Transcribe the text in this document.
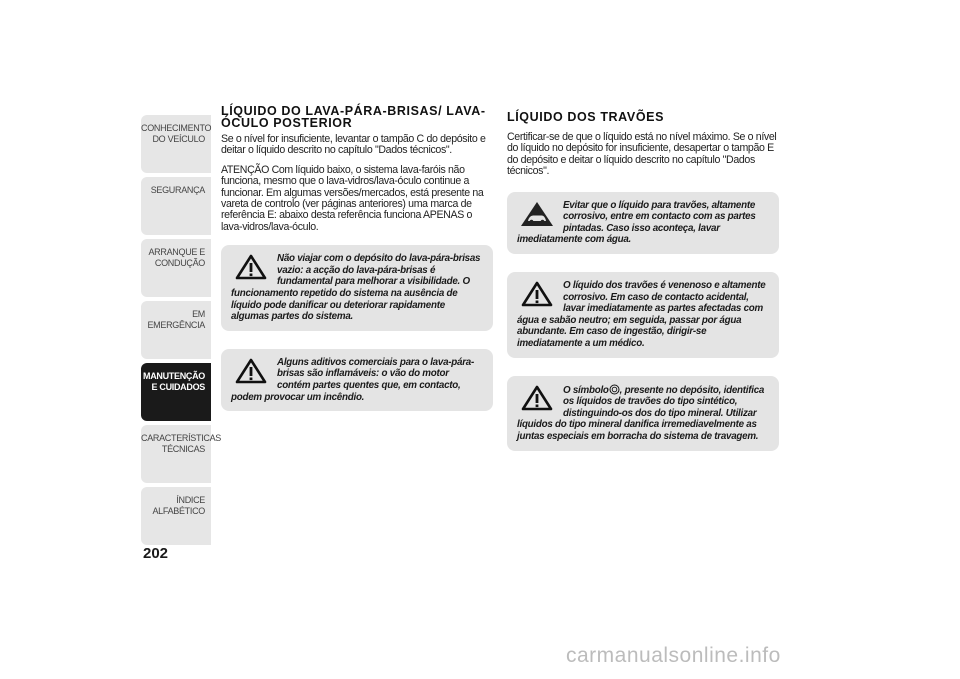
CONHECIMENTO DO VEÍCULO
SEGURANÇA
ARRANQUE E CONDUÇÃO
EM EMERGÊNCIA
MANUTENÇÃO E CUIDADOS
CARACTERÍSTICAS TÉCNICAS
ÍNDICE ALFABÉTICO
202
LÍQUIDO DO LAVA-PÁRA-BRISAS/ LAVA-ÓCULO POSTERIOR

Se o nível for insuficiente, levantar o tampão C do depósito e deitar o líquido descrito no capítulo "Dados técnicos".

ATENÇÃO Com líquido baixo, o sistema lava-faróis não funciona, mesmo que o lava-vidros/lava-óculo continue a funcionar. Em algumas versões/mercados, está presente na vareta de controlo (ver páginas anteriores) uma marca de referência E: abaixo desta referência funciona APENAS o lava-vidros/lava-óculo.

Não viajar com o depósito do lava-pára-brisas vazio: a acção do lava-pára-brisas é fundamental para melhorar a visibilidade. O funcionamento repetido do sistema na ausência de líquido pode danificar ou deteriorar rapidamente algumas partes do sistema.

Alguns aditivos comerciais para o lava-pára-brisas são inflamáveis: o vão do motor contém partes quentes que, em contacto, podem provocar um incêndio.

LÍQUIDO DOS TRAVÕES

Certificar-se de que o líquido está no nível máximo. Se o nível do líquido no depósito for insuficiente, desapertar o tampão E do depósito e deitar o líquido descrito no capítulo "Dados técnicos".

Evitar que o líquido para travões, altamente corrosivo, entre em contacto com as partes pintadas. Caso isso aconteça, lavar imediatamente com água.

O líquido dos travões é venenoso e altamente corrosivo. Em caso de contacto acidental, lavar imediatamente as partes afectadas com água e sabão neutro; em seguida, passar por água abundante. Em caso de ingestão, dirigir-se imediatamente a um médico.

O símbolo , presente no depósito, identifica os líquidos de travões do tipo sintético, distinguindo-os dos do tipo mineral. Utilizar líquidos do tipo mineral danifica irremediavelmente as juntas especiais em borracha do sistema de travagem.

carmanualsonline.info
